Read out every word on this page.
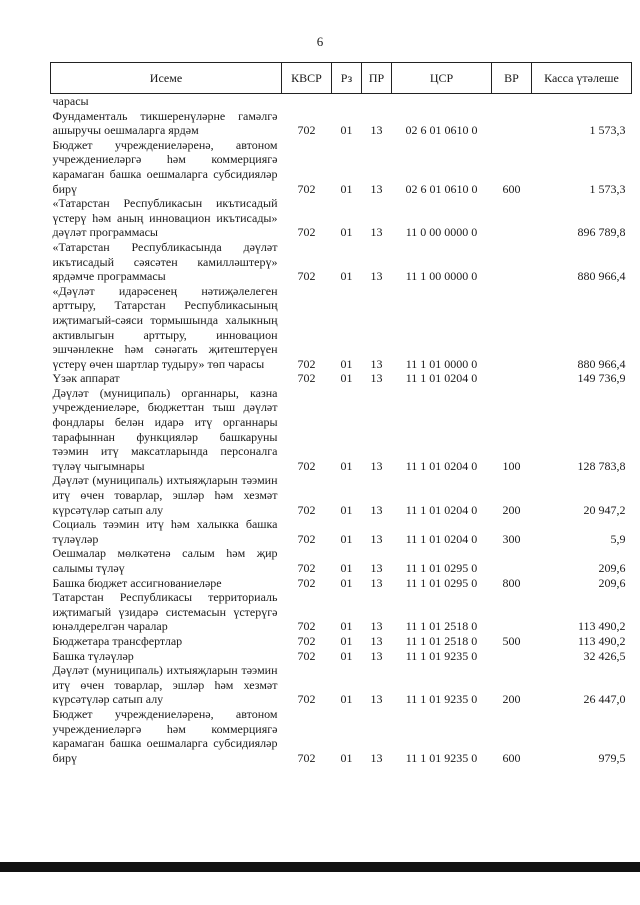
6
Исеме	КВСР	Рз	ПР	ЦСР	ВР	Касса үтәлеше
чарасы						
Фундаменталь тикшеренүләрне гамәлгә ашыручы оешмаларга ярдәм	702	01	13	02 6 01 0610 0		1 573,3
Бюджет учреждениеләренә, автоном учреждениеләргә һәм коммерциягә карамаган башка оешмаларга субсидияләр бирү	702	01	13	02 6 01 0610 0	600	1 573,3
«Татарстан Республикасын икътисадый үстерү һәм аның инновацион икътисады» дәүләт программасы	702	01	13	11 0 00 0000 0		896 789,8
«Татарстан Республикасында дәүләт икътисадый сәясәтен камилләштерү» ярдәмче программасы	702	01	13	11 1 00 0000 0		880 966,4
«Дәүләт идарәсенең нәтиҗәлелеген арттыру, Татарстан Республикасының иҗтимагый-сәяси тормышында халыкның активлыгын арттыру, инновацион эшчәнлекне һәм сәнәгать җитештерүен үстерү өчен шартлар тудыру» төп чарасы	702	01	13	11 1 01 0000 0		880 966,4
Үзәк аппарат	702	01	13	11 1 01 0204 0		149 736,9
Дәүләт (муниципаль) органнары, казна учреждениеләре, бюджеттан тыш дәүләт фондлары белән идарә итү органнары тарафыннан функцияләр башкаруны тәэмин итү максатларында персоналга түләү чыгымнары	702	01	13	11 1 01 0204 0	100	128 783,8
Дәүләт (муниципаль) ихтыяҗларын тәэмин итү өчен товарлар, эшләр һәм хезмәт күрсәтүләр сатып алу	702	01	13	11 1 01 0204 0	200	20 947,2
Социаль тәэмин итү һәм халыкка башка түләүләр	702	01	13	11 1 01 0204 0	300	5,9
Оешмалар мөлкәтенә салым һәм җир салымы түләү	702	01	13	11 1 01 0295 0		209,6
Башка бюджет ассигнованиеләре	702	01	13	11 1 01 0295 0	800	209,6
Татарстан Республикасы территориаль иҗтимагый үзидарә системасын үстерүгә юнәлдерелгән чаралар	702	01	13	11 1 01 2518 0		113 490,2
Бюджетара трансфертлар	702	01	13	11 1 01 2518 0	500	113 490,2
Башка түләүләр	702	01	13	11 1 01 9235 0		32 426,5
Дәүләт (муниципаль) ихтыяҗларын тәэмин итү өчен товарлар, эшләр һәм хезмәт күрсәтүләр сатып алу	702	01	13	11 1 01 9235 0	200	26 447,0
Бюджет учреждениеләренә, автоном учреждениеләргә һәм коммерциягә карамаган башка оешмаларга субсидияләр бирү	702	01	13	11 1 01 9235 0	600	979,5
